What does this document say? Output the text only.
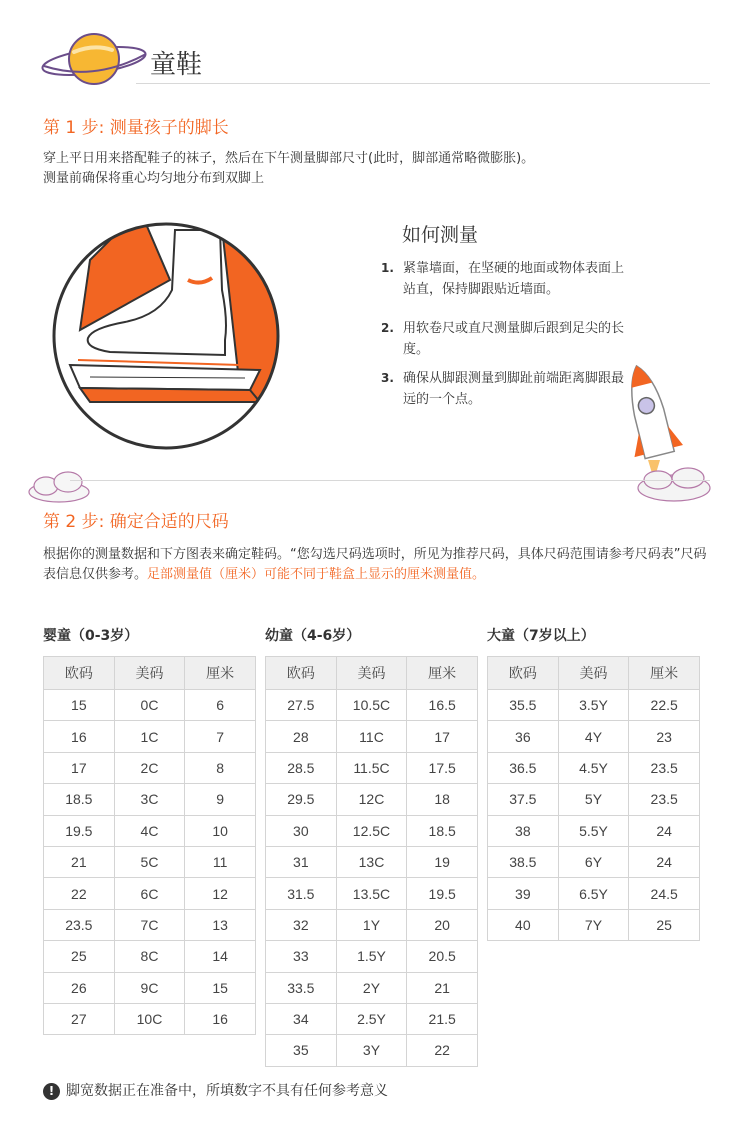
童鞋
第 1 步: 测量孩子的脚长
穿上平日用来搭配鞋子的袜子，然后在下午测量脚部尺寸(此时，脚部通常略微膨胀)。
测量前确保将重心均匀地分布到双脚上
如何测量
1. 紧靠墙面，在坚硬的地面或物体表面上站直，保持脚跟贴近墙面。
2. 用软卷尺或直尺测量脚后跟到足尖的长度。
3. 确保从脚跟测量到脚趾前端距离脚跟最远的一个点。
第 2 步: 确定合适的尺码
根据你的测量数据和下方图表来确定鞋码。“您勾选尺码选项时，所见为推荐尺码，具体尺码范围请参考尺码表”尺码表信息仅供参考。足部测量值（厘米）可能不同于鞋盒上显示的厘米测量值。
婴童（0-3岁）
欧码	美码	厘米
15	0C	6
16	1C	7
17	2C	8
18.5	3C	9
19.5	4C	10
21	5C	11
22	6C	12
23.5	7C	13
25	8C	14
26	9C	15
27	10C	16
幼童（4-6岁）
欧码	美码	厘米
27.5	10.5C	16.5
28	11C	17
28.5	11.5C	17.5
29.5	12C	18
30	12.5C	18.5
31	13C	19
31.5	13.5C	19.5
32	1Y	20
33	1.5Y	20.5
33.5	2Y	21
34	2.5Y	21.5
35	3Y	22
大童（7岁以上）
欧码	美码	厘米
35.5	3.5Y	22.5
36	4Y	23
36.5	4.5Y	23.5
37.5	5Y	23.5
38	5.5Y	24
38.5	6Y	24
39	6.5Y	24.5
40	7Y	25
! 脚宽数据正在准备中，所填数字不具有任何参考意义
